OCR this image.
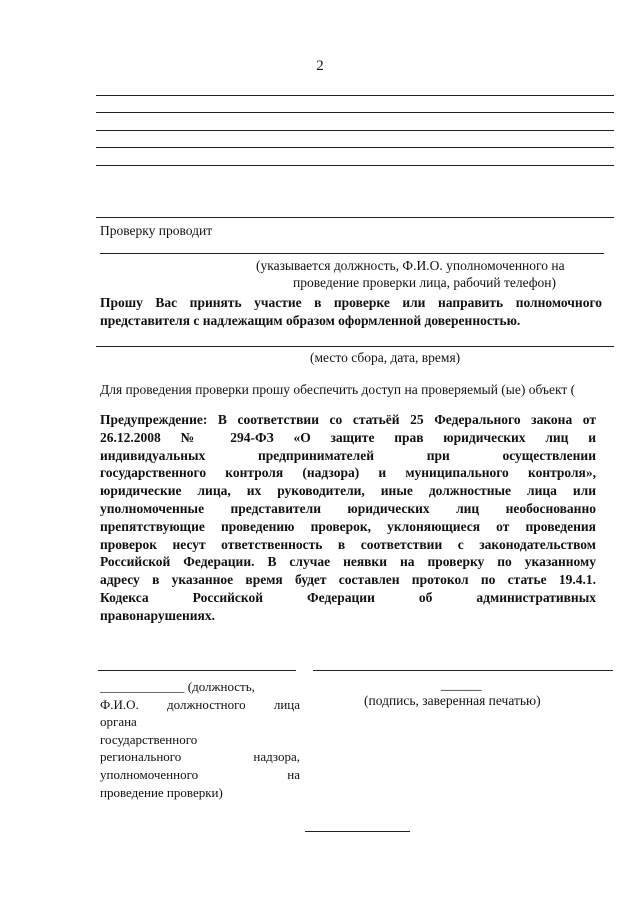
2
Проверку проводит
(указывается должность, Ф.И.О. уполномоченного на
проведение проверки лица, рабочий телефон)
Прошу Вас принять участие в проверке или направить полномочного
представителя с надлежащим образом оформленной доверенностью.
(место сбора, дата, время)
Для проведения проверки прошу обеспечить доступ на проверяемый (ые) объект (
Предупреждение: В соответствии со статьёй 25 Федерального закона от
26.12.2008 № 294-ФЗ «О защите прав юридических лиц и
индивидуальных предпринимателей при осуществлении
государственного контроля (надзора) и муниципального контроля»,
юридические лица, их руководители, иные должностные лица или
уполномоченные представители юридических лиц необоснованно
препятствующие проведению проверок, уклоняющиеся от проведения
проверок несут ответственность в соответствии с законодательством
Российской Федерации. В случае неявки на проверку по указанному
адресу в указанное время будет составлен протокол по статье 19.4.1.
Кодекса Российской Федерации об административных
правонарушениях.
_____________ (должность,
Ф.И.О. должностного лица
органа
государственного
регионального надзора,
уполномоченного на
проведение проверки)
______
(подпись, заверенная печатью)
